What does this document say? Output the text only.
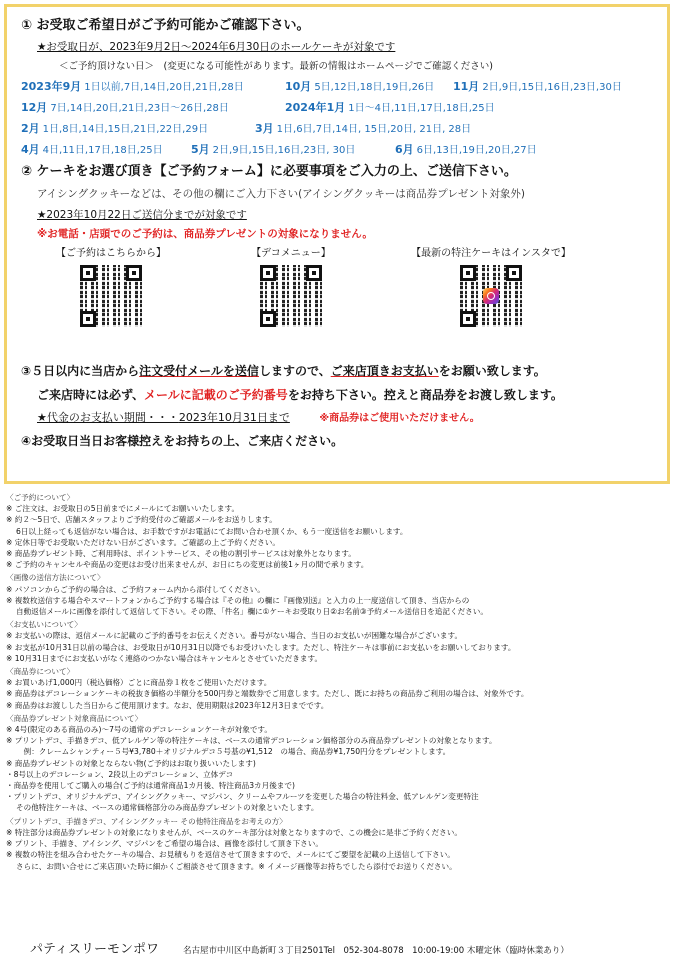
① お受取ご希望日がご予約可能かご確認下さい。
★お受取日が、2023年9月2日～2024年6月30日のホールケーキが対象です
＜ご予約頂けない日＞　(変更になる可能性があります。最新の情報はホームページでご確認ください)
2023年9月 1日以前,7日,14日,20日,21日,28日	10月 5日,12日,18日,19日,26日	11月 2日,9日,15日,16日,23日,30日
12月 7日,14日,20日,21日,23日～26日,28日	2024年1月 1日～4日,11日,17日,18日,25日
2月 1日,8日,14日,15日,21日,22日,29日	3月 1日,6日,7日,14日, 15日,20日, 21日, 28日
4月 4日,11日,17日,18日,25日	5月 2日,9日,15日,16日,23日, 30日	6月 6日,13日,19日,20日,27日
② ケーキをお選び頂き【ご予約フォーム】に必要事項をご入力の上、ご送信下さい。
アイシングクッキーなどは、その他の欄にご入力下さい(アイシングクッキーは商品券プレゼント対象外)
★2023年10月22日ご送信分までが対象です
※お電話・店頭でのご予約は、商品券プレゼントの対象になりません。
【ご予約はこちらから】	【デコメニュー】	【最新の特注ケーキはインスタで】
③５日以内に当店から注文受付メールを送信しますので、ご来店頂きお支払いをお願い致します。
ご来店時には必ず、メールに記載のご予約番号をお持ち下さい。控えと商品券をお渡し致します。
★代金のお支払い期間・・・2023年10月31日まで	※商品券はご使用いただけません。
④お受取日当日お客様控えをお持ちの上、ご来店ください。
〈ご予約について〉
※ ご注文は、お受取日の5日前までにメールにてお願いいたします。
※ 約２～5日で、店舗スタッフよりご予約受付のご確認メールをお送りします。
　 6日以上経っても返信がない場合は、お手数ですがお電話にてお問い合わせ頂くか、もう一度送信をお願いします。
※ 定休日等でお受取いただけない日がございます。ご確認の上ご予約ください。
※ 商品券プレゼント時、ご利用時は、ポイントサービス、その他の割引サービスは対象外となります。
※ ご予約のキャンセルや商品の変更はお受け出来ませんが、お日にちの変更は前後1ヶ月の間で承ります。
〈画像の送信方法について〉
※ パソコンからご予約の場合は、ご予約フォーム内から添付してください。
※ 複数枚送信する場合やスマートフォンからご予約する場合は『その他』の欄に『画像別送』と入力の上一度送信して頂き、当店からの
　 自動返信メールに画像を添付して返信して下さい。その際、「件名」欄に①ケーキお受取り日②お名前③予約メール送信日を追記ください。
〈お支払いについて〉
※ お支払いの際は、返信メールに記載のご予約番号をお伝えください。番号がない場合、当日のお支払いが困難な場合がございます。
※ お支払が10月31日以前の場合は、お受取日が10月31日以降でもお受けいたします。ただし、特注ケーキは事前にお支払いをお願いしております。
※ 10月31日までにお支払いがなく連絡のつかない場合はキャンセルとさせていただきます。
〈商品券について〉
※ お買いあげ1,000円（税込価格）ごとに商品券１枚をご使用いただけます。
※ 商品券はデコレーションケーキの税抜き価格の半額分を500円券と端数券でご用意します。ただし、既にお持ちの商品券ご利用の場合は、対象外です。
※ 商品券はお渡しした当日からご使用頂けます。なお、使用期限は2023年12月3日までです。
〈商品券プレゼント対象商品について〉
※ 4号(限定のある商品のみ)～7号の通常のデコレーションケーキが対象です。
※ プリントデコ、手描きデコ、低アレルゲン等の特注ケーキは、ベースの通常デコレーション価格部分のみ商品券プレゼントの対象となります。
　　 例：クレームシャンティー５号¥3,780＋オリジナルデコ５号基の¥1,512　の場合、商品券¥1,750円分をプレゼントします。
※ 商品券プレゼントの対象とならない物(ご予約はお取り扱いいたします)
・8号以上のデコレーション、2段以上のデコレーション、立体デコ
・商品券を使用してご購入の場合(ご予約は通常商品1カ月後、特注商品3カ月後まで)
・プリントデコ、オリジナルデコ、アイシングクッキー、マジパン、クリームやフルーツを変更した場合の特注料金、低アレルゲン変更特注
　 その他特注ケーキは、ベースの通常価格部分のみ商品券プレゼントの対象といたします。
〈プリントデコ、手描きデコ、アイシングクッキー その他特注商品をお考えの方〉
※ 特注部分は商品券プレゼントの対象になりませんが、ベースのケーキ部分は対象となりますので、この機会に是非ご予約ください。
※ プリント、手描き、アイシング、マジパンをご希望の場合は、画像を添付して頂き下さい。
※ 複数の特注を組み合わせたケーキの場合、お見積もりを返信させて頂きますので、メールにてご要望を記載の上送信して下さい。
　 さらに、お問い合せにご来店頂いた時に細かくご相談させて頂きます。※ イメージ画像等お持ちでしたら添付でお送りください。
パティスリーモンポワ	名古屋市中川区中島新町３丁目2501Tel　052-304-8078　10:00-19:00 木曜定休（臨時休業あり）
